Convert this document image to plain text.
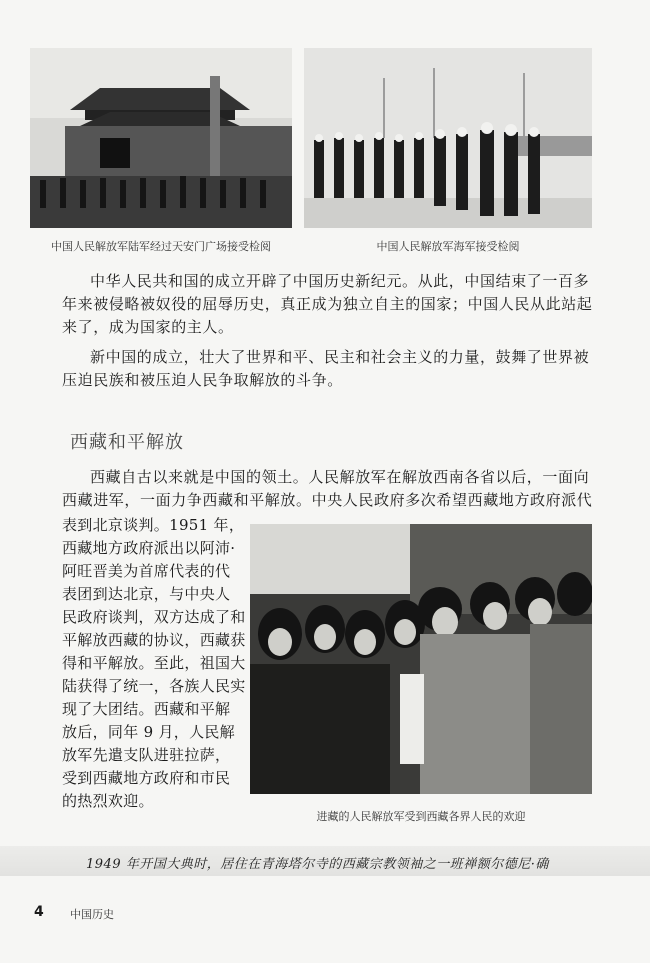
中国人民解放军陆军经过天安门广场接受检阅	中国人民解放军海军接受检阅

中华人民共和国的成立开辟了中国历史新纪元。从此，中国结束了一百多
年来被侵略被奴役的屈辱历史，真正成为独立自主的国家；中国人民从此站起
来了，成为国家的主人。

新中国的成立，壮大了世界和平、民主和社会主义的力量，鼓舞了世界被
压迫民族和被压迫人民争取解放的斗争。

西藏和平解放

西藏自古以来就是中国的领土。人民解放军在解放西南各省以后，一面向
西藏进军，一面力争西藏和平解放。中央人民政府多次希望西藏地方政府派代

表到北京谈判。1951 年，
西藏地方政府派出以阿沛·
阿旺晋美为首席代表的代
表团到达北京，与中央人
民政府谈判，双方达成了和
平解放西藏的协议，西藏获
得和平解放。至此，祖国大
陆获得了统一，各族人民实
现了大团结。西藏和平解
放后，同年 9 月，人民解
放军先遣支队进驻拉萨，
受到西藏地方政府和市民
的热烈欢迎。

进藏的人民解放军受到西藏各界人民的欢迎
1949 年开国大典时，居住在青海塔尔寺的西藏宗教领袖之一班禅额尔德尼·确
4 中国历史
